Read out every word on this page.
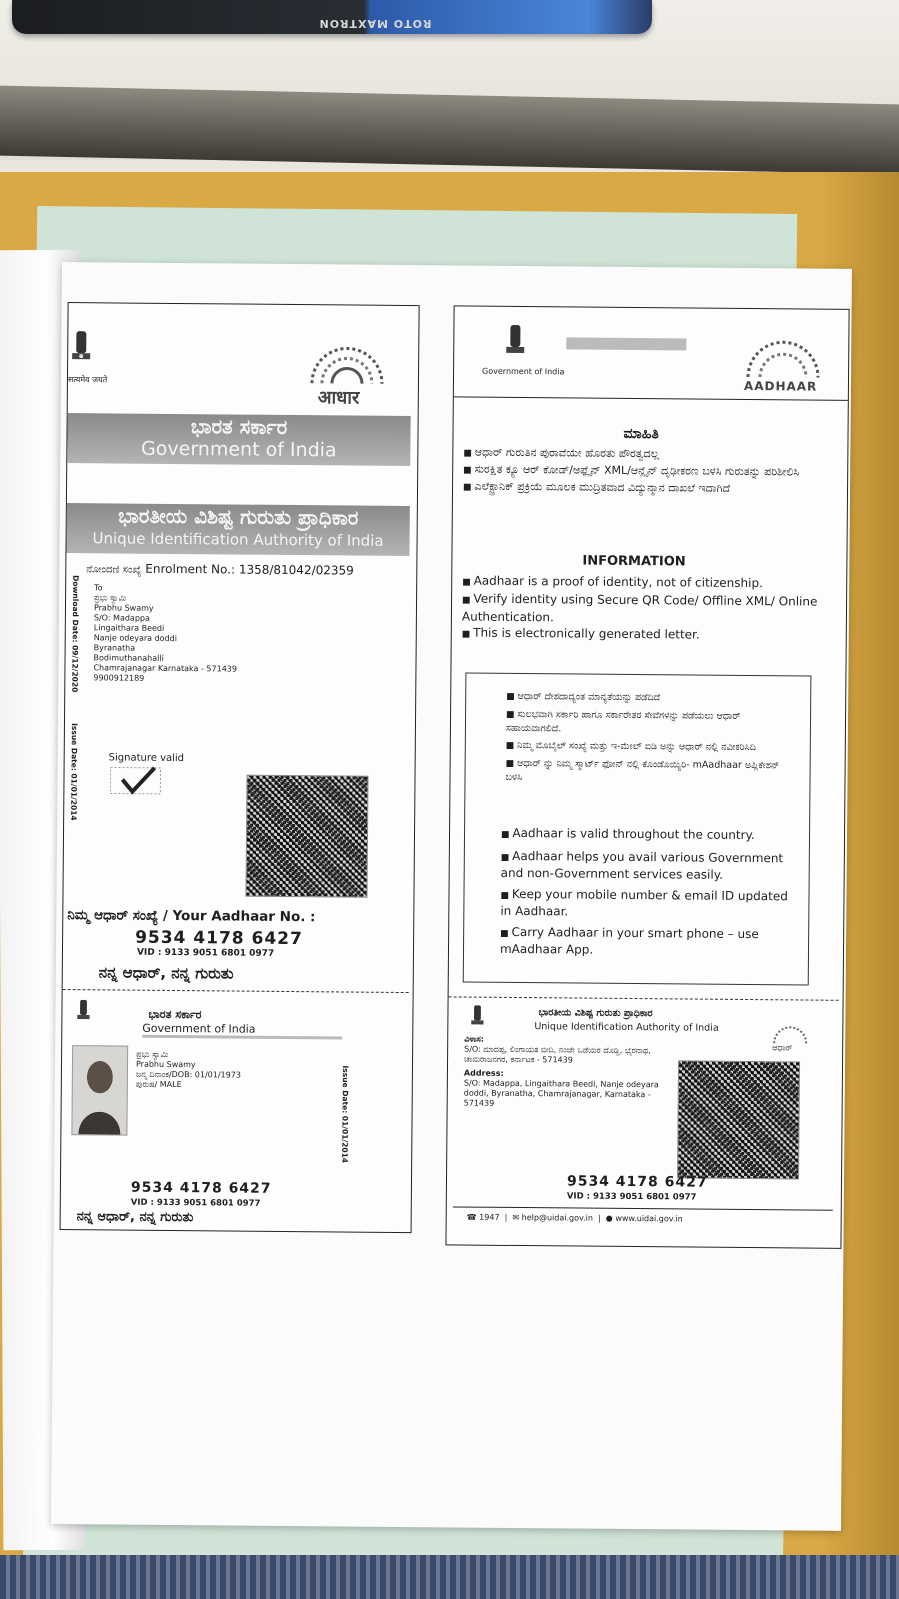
ROTO MAXTRON
सत्यमेव जयते
आधार
ಭಾರತ ಸರ್ಕಾರ
Government of India
ಭಾರತೀಯ ವಿಶಿಷ್ಟ ಗುರುತು ಪ್ರಾಧಿಕಾರ
Unique Identification Authority of India
ನೋಂದಣಿ ಸಂಖ್ಯೆ Enrolment No.: 1358/81042/02359
Download Date: 09/12/2020
Issue Date: 01/01/2014
To
ಪ್ರಭು ಸ್ವಾಮಿ
Prabhu Swamy
S/O: Madappa
Lingaithara Beedi
Nanje odeyara doddi
Byranatha
Bodimuthanahalli
Chamrajanagar Karnataka - 571439
9900912189
Signature valid
ನಿಮ್ಮ ಆಧಾರ್ ಸಂಖ್ಯೆ / Your Aadhaar No. :
9534 4178 6427
VID : 9133 9051 6801 0977
ನನ್ನ ಆಧಾರ್, ನನ್ನ ಗುರುತು
ಭಾರತ ಸರ್ಕಾರ
Government of India
ಪ್ರಭು ಸ್ವಾಮಿ
Prabhu Swamy
ಜನ್ಮ ದಿನಾಂಕ/DOB: 01/01/1973
ಪುರುಷ/ MALE	Issue Date: 01/01/2014
9534 4178 6427
VID : 9133 9051 6801 0977
ನನ್ನ ಆಧಾರ್, ನನ್ನ ಗುರುತು
Government of India
AADHAAR
ಮಾಹಿತಿ
■ ಆಧಾರ್ ಗುರುತಿನ ಪುರಾವೆಯೇ ಹೊರತು ಪೌರತ್ವದಲ್ಲ
■ ಸುರಕ್ಷಿತ ಕ್ಯೂ ಆರ್ ಕೋಡ್/ಆಫ್ಲೈನ್ XML/ಆನ್ಲೈನ್ ದೃಢೀಕರಣ ಬಳಸಿ ಗುರುತನ್ನು ಪರಿಶೀಲಿಸಿ
■ ಎಲೆಕ್ಟ್ರಾನಿಕ್ ಪ್ರಕ್ರಿಯೆ ಮೂಲಕ ಮುದ್ರಿತವಾದ ವಿದ್ಯುನ್ಮಾನ ದಾಖಲೆ ಇದಾಗಿದೆ
INFORMATION
■ Aadhaar is a proof of identity, not of citizenship.
■ Verify identity using Secure QR Code/ Offline XML/ Online Authentication.
■ This is electronically generated letter.
■ ಆಧಾರ್ ದೇಶದಾದ್ಯಂತ ಮಾನ್ಯತೆಯನ್ನು ಪಡೆದಿದೆ
■ ಸುಲಭವಾಗಿ ಸರ್ಕಾರಿ ಹಾಗೂ ಸರ್ಕಾರೇತರ ಸೇವೆಗಳನ್ನು ಪಡೆಯಲು ಆಧಾರ್ ಸಹಾಯವಾಗಲಿದೆ.
■ ನಿಮ್ಮ ಮೊಬೈಲ್ ಸಂಖ್ಯೆ ಮತ್ತು ಇ-ಮೇಲ್ ಐಡಿ ಅನ್ನು ಆಧಾರ್ ನಲ್ಲಿ ನವೀಕರಿಸಿದಿ
■ ಆಧಾರ್ ನ್ನು ನಿಮ್ಮ ಸ್ಮಾರ್ಟ್ ಫೋನ್ ನಲ್ಲಿ ಕೊಂಡೊಯ್ಯಿರಿ- mAadhaar ಅಪ್ಲಿಕೇಶನ್ ಬಳಸಿ
■ Aadhaar is valid throughout the country.
■ Aadhaar helps you avail various Government and non-Government services easily.
■ Keep your mobile number & email ID updated in Aadhaar.
■ Carry Aadhaar in your smart phone – use mAadhaar App.
ಭಾರತೀಯ ವಿಶಿಷ್ಟ ಗುರುತು ಪ್ರಾಧಿಕಾರ
Unique Identification Authority of India
ಆಧಾರ್
ವಿಳಾಸ:
S/O: ಮಾದಪ್ಪ, ಲಿಂಗಾಯತ ಬೀದಿ, ನಂಜೇ ಒಡೆಯರ ದೊಡ್ಡಿ, ಭೈರನಾಥ, ಚಾಮರಾಜನಗರ, ಕರ್ನಾಟಕ - 571439
Address:
S/O: Madappa, Lingaithara Beedi, Nanje odeyara doddi, Byranatha, Chamrajanagar, Karnataka - 571439
9534 4178 6427
VID : 9133 9051 6801 0977
☎ 1947  |  ✉ help@uidai.gov.in  |  ● www.uidai.gov.in
